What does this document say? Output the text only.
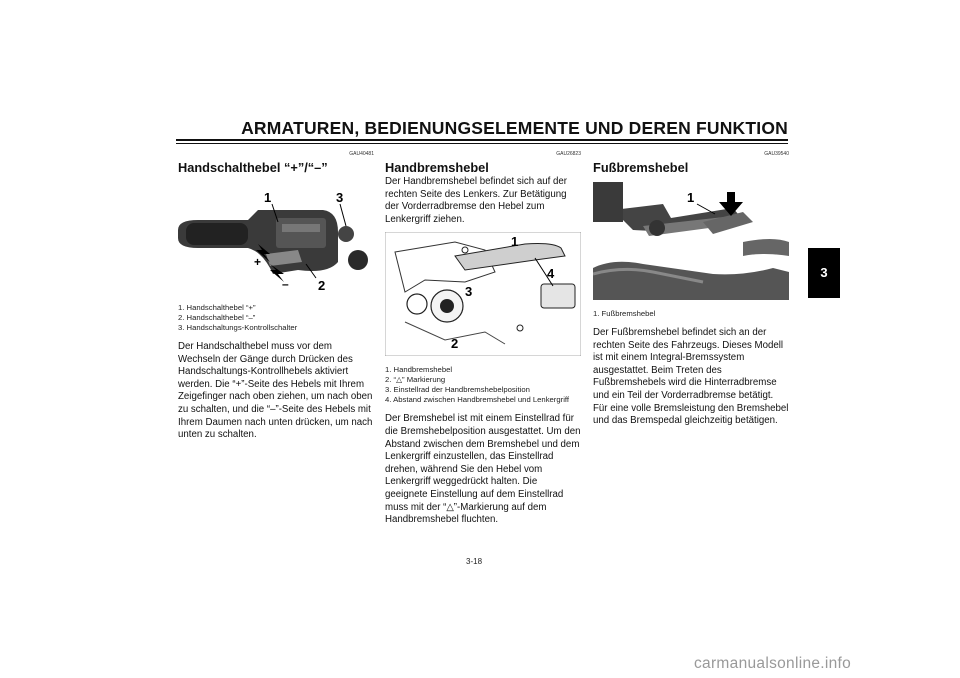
ARMATUREN, BEDIENUNGSELEMENTE UND DEREN FUNKTION
3
GAU40481
Handschalthebel “+”/“–”
+
–
1	3
2
1. Handschalthebel “+”
2. Handschalthebel “–”
3. Handschaltungs-Kontrollschalter

Der Handschalthebel muss vor dem Wechseln der Gänge durch Drücken des Handschaltungs-Kontrollhebels aktiviert werden. Die “+”-Seite des Hebels mit Ihrem Zeigefinger nach oben ziehen, um nach oben zu schalten, und die “–”-Seite des Hebels mit Ihrem Daumen nach unten drücken, um nach unten zu schalten.

GAU26823
Handbremshebel

Der Handbremshebel befindet sich auf der rechten Seite des Lenkers. Zur Betätigung der Vorderradbremse den Hebel zum Lenkergriff ziehen.

1
4
3
2
1. Handbremshebel
2. “△” Markierung
3. Einstellrad der Handbremshebelposition
4. Abstand zwischen Handbremshebel und Lenkergriff

Der Bremshebel ist mit einem Einstellrad für die Bremshebelposition ausgestattet. Um den Abstand zwischen dem Bremshebel und dem Lenkergriff einzustellen, das Einstellrad drehen, während Sie den Hebel vom Lenkergriff weggedrückt halten. Die geeignete Einstellung auf dem Einstellrad muss mit der “△”-Markierung auf dem Handbremshebel fluchten.

GAU39540
Fußbremshebel
1
1. Fußbremshebel

Der Fußbremshebel befindet sich an der rechten Seite des Fahrzeugs. Dieses Modell ist mit einem Integral-Bremssystem ausgestattet. Beim Treten des Fußbremshebels wird die Hinterradbremse und ein Teil der Vorderradbremse betätigt. Für eine volle Bremsleistung den Bremshebel und das Bremspedal gleichzeitig betätigen.

3-18
carmanualsonline.info
